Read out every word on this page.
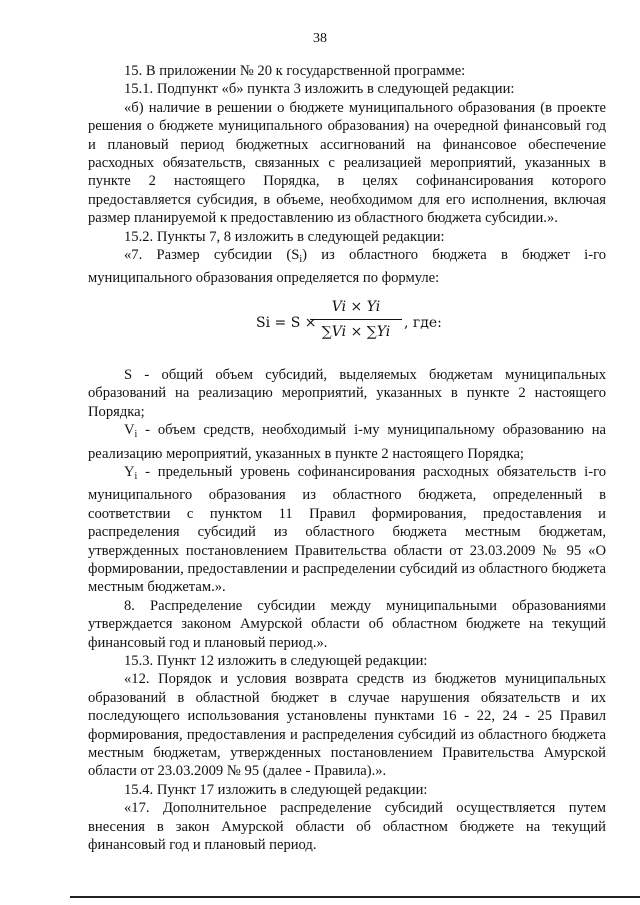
38

15. В приложении № 20 к государственной программе:

15.1. Подпункт «б» пункта 3 изложить в следующей редакции:

«б) наличие в решении о бюджете муниципального образования (в проекте решения о бюджете муниципального образования) на очередной финансовый год и плановый период бюджетных ассигнований на финансовое обеспечение расходных обязательств, связанных с реализацией мероприятий, указанных в пункте 2 настоящего Порядка, в целях софинансирования которого предоставляется субсидия, в объеме, необходимом для его исполнения, включая размер планируемой к предоставлению из областного бюджета субсидии.».

15.2. Пункты 7, 8 изложить в следующей редакции:

«7. Размер субсидии $(S_i)$ из областного бюджета в бюджет i-го муниципального образования определяется по формуле:

Si = S ×
$\frac{Vi \times Yi}{\sum Vi \times \sum Yi}$ , где:

S - общий объем субсидий, выделяемых бюджетам муниципальных образований на реализацию мероприятий, указанных в пункте 2 настоящего Порядка;

$V_i$ - объем средств, необходимый i-му муниципальному образованию на реализацию мероприятий, указанных в пункте 2 настоящего Порядка;

$Y_i$ - предельный уровень софинансирования расходных обязательств i-го муниципального образования из областного бюджета, определенный в соответствии с пунктом 11 Правил формирования, предоставления и распределения субсидий из областного бюджета местным бюджетам, утвержденных постановлением Правительства области от 23.03.2009 № 95 «О формировании, предоставлении и распределении субсидий из областного бюджета местным бюджетам.».

8. Распределение субсидии между муниципальными образованиями утверждается законом Амурской области об областном бюджете на текущий финансовый год и плановый период.».

15.3. Пункт 12 изложить в следующей редакции:

«12. Порядок и условия возврата средств из бюджетов муниципальных образований в областной бюджет в случае нарушения обязательств и их последующего использования установлены пунктами 16 - 22, 24 - 25 Правил формирования, предоставления и распределения субсидий из областного бюджета местным бюджетам, утвержденных постановлением Правительства Амурской области от 23.03.2009 № 95 (далее - Правила).».

15.4. Пункт 17 изложить в следующей редакции:

«17. Дополнительное распределение субсидий осуществляется путем внесения в закон Амурской области об областном бюджете на текущий финансовый год и плановый период.
